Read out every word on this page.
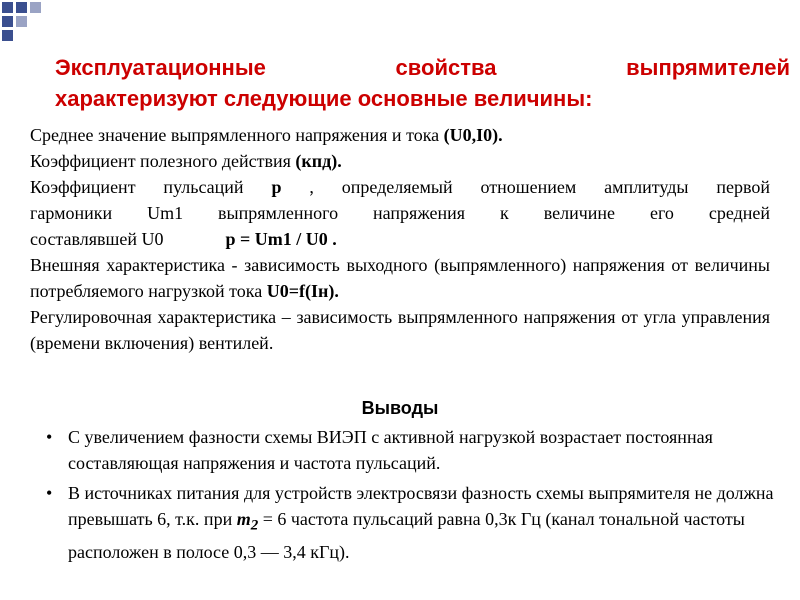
Эксплуатационные	свойства	выпрямителей
характеризуют следующие основные величины:

Среднее значение выпрямленного напряжения и тока (U0,I0).

Коэффициент полезного действия (кпд).

Коэффициент пульсаций p , определяемый отношением амплитуды первой
гармоники Um1 выпрямленного напряжения к величине его средней
составлявшей U0	p = Um1 / U0 .

Внешняя характеристика - зависимость выходного (выпрямленного) напряжения от величины потребляемого нагрузкой тока U0=f(Iн).

Регулировочная характеристика – зависимость выпрямленного напряжения от угла управления (времени включения) вентилей.

Выводы
• С увеличением фазности схемы ВИЭП с активной нагрузкой возрастает постоянная составляющая напряжения и частота пульсаций.
• В источниках питания для устройств электросвязи фазность схемы выпрямителя не должна превышать 6, т.к. при $m_2 = 6$ частота пульсаций равна 0,3к Гц (канал тональной частоты расположен в полосе 0,3 — 3,4 кГц).
